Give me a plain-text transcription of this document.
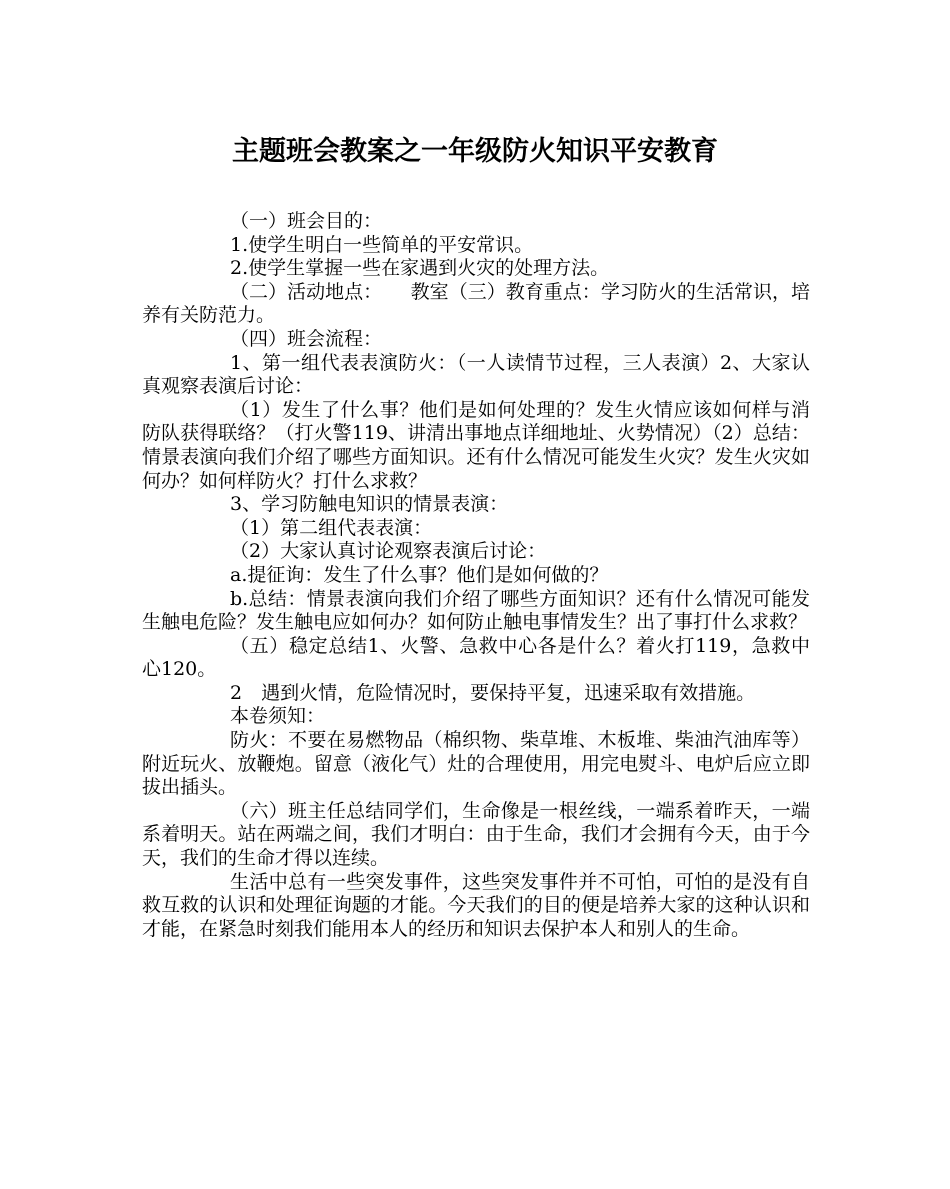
主题班会教案之一年级防火知识平安教育

（一）班会目的：

1.使学生明白一些简单的平安常识。

2.使学生掌握一些在家遇到火灾的处理方法。

（二）活动地点：　　教室（三）教育重点：学习防火的生活常识，培养有关防范力。

（四）班会流程：

1、第一组代表表演防火：（一人读情节过程，三人表演）2、大家认真观察表演后讨论：

（1）发生了什么事？他们是如何处理的？发生火情应该如何样与消防队获得联络？（打火警119、讲清出事地点详细地址、火势情况）（2）总结：情景表演向我们介绍了哪些方面知识。还有什么情况可能发生火灾？发生火灾如何办？如何样防火？打什么求救？

3、学习防触电知识的情景表演：

（1）第二组代表表演：

（2）大家认真讨论观察表演后讨论：

a.提征询：发生了什么事？他们是如何做的？

b.总结：情景表演向我们介绍了哪些方面知识？还有什么情况可能发生触电危险？发生触电应如何办？如何防止触电事情发生？出了事打什么求救？

（五）稳定总结1、火警、急救中心各是什么？着火打119，急救中心120。

2　遇到火情，危险情况时，要保持平复，迅速采取有效措施。

本卷须知：

防火：不要在易燃物品（棉织物、柴草堆、木板堆、柴油汽油库等）附近玩火、放鞭炮。留意（液化气）灶的合理使用，用完电熨斗、电炉后应立即拔出插头。

（六）班主任总结同学们，生命像是一根丝线，一端系着昨天，一端系着明天。站在两端之间，我们才明白：由于生命，我们才会拥有今天，由于今天，我们的生命才得以连续。

生活中总有一些突发事件，这些突发事件并不可怕，可怕的是没有自救互救的认识和处理征询题的才能。今天我们的目的便是培养大家的这种认识和才能，在紧急时刻我们能用本人的经历和知识去保护本人和别人的生命。
